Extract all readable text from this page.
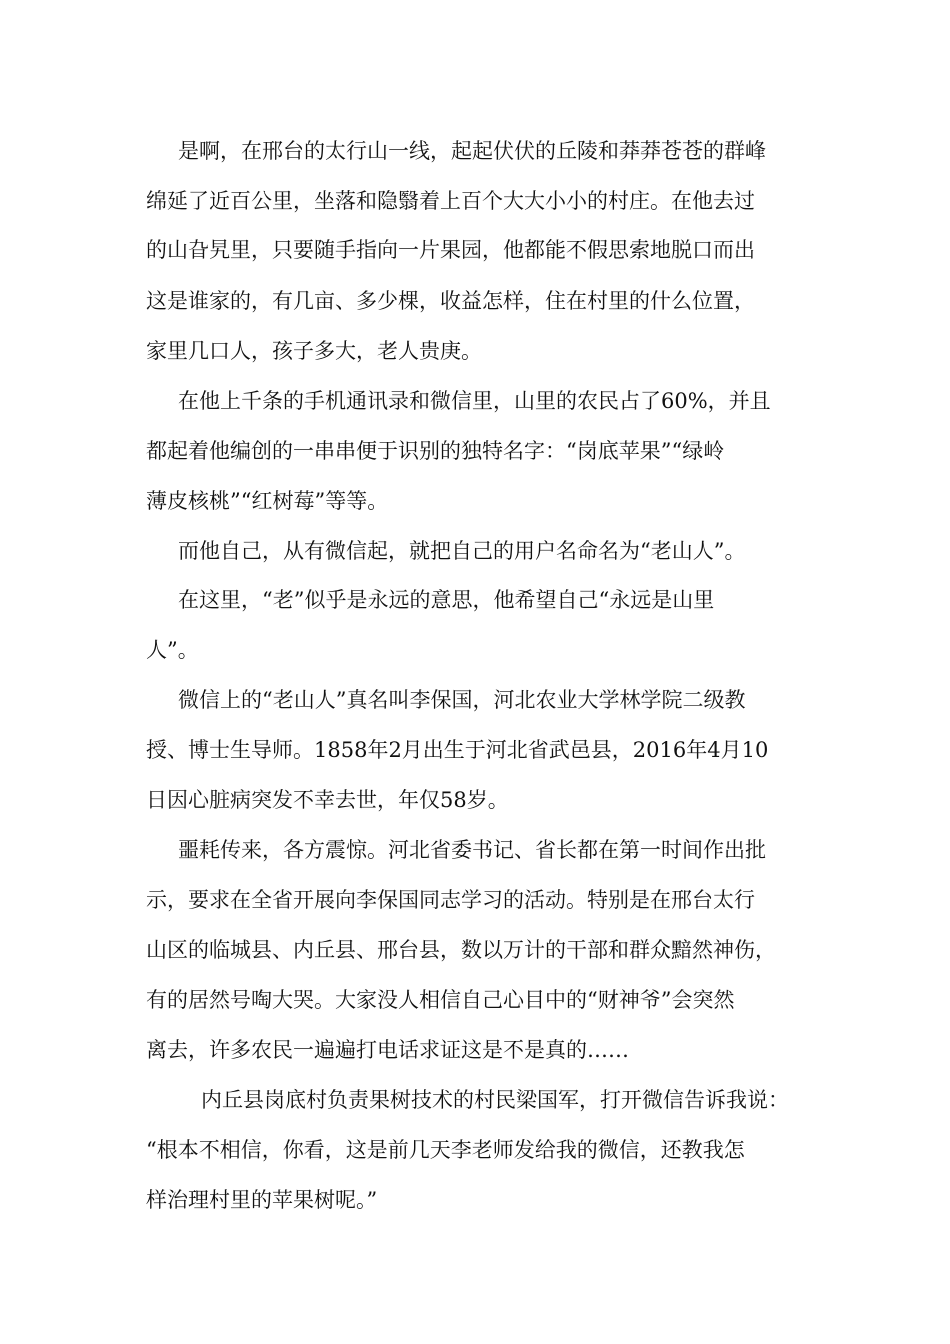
是啊，在邢台的太行山一线，起起伏伏的丘陵和莽莽苍苍的群峰

绵延了近百公里，坐落和隐翳着上百个大大小小的村庄。在他去过

的山旮旯里，只要随手指向一片果园，他都能不假思索地脱口而出

这是谁家的，有几亩、多少棵，收益怎样，住在村里的什么位置，

家里几口人，孩子多大，老人贵庚。

在他上千条的手机通讯录和微信里，山里的农民占了60%，并且

都起着他编创的一串串便于识别的独特名字：“岗底苹果”“绿岭

薄皮核桃”“红树莓”等等。

而他自己，从有微信起，就把自己的用户名命名为“老山人”。

在这里，“老”似乎是永远的意思，他希望自己“永远是山里

人”。

微信上的“老山人”真名叫李保国，河北农业大学林学院二级教

授、博士生导师。1858年2月出生于河北省武邑县，2016年4月10

日因心脏病突发不幸去世，年仅58岁。

噩耗传来，各方震惊。河北省委书记、省长都在第一时间作出批

示，要求在全省开展向李保国同志学习的活动。特别是在邢台太行

山区的临城县、内丘县、邢台县，数以万计的干部和群众黯然神伤，

有的居然号啕大哭。大家没人相信自己心目中的“财神爷”会突然

离去，许多农民一遍遍打电话求证这是不是真的……

内丘县岗底村负责果树技术的村民梁国军，打开微信告诉我说：

“根本不相信，你看，这是前几天李老师发给我的微信，还教我怎

样治理村里的苹果树呢。”
